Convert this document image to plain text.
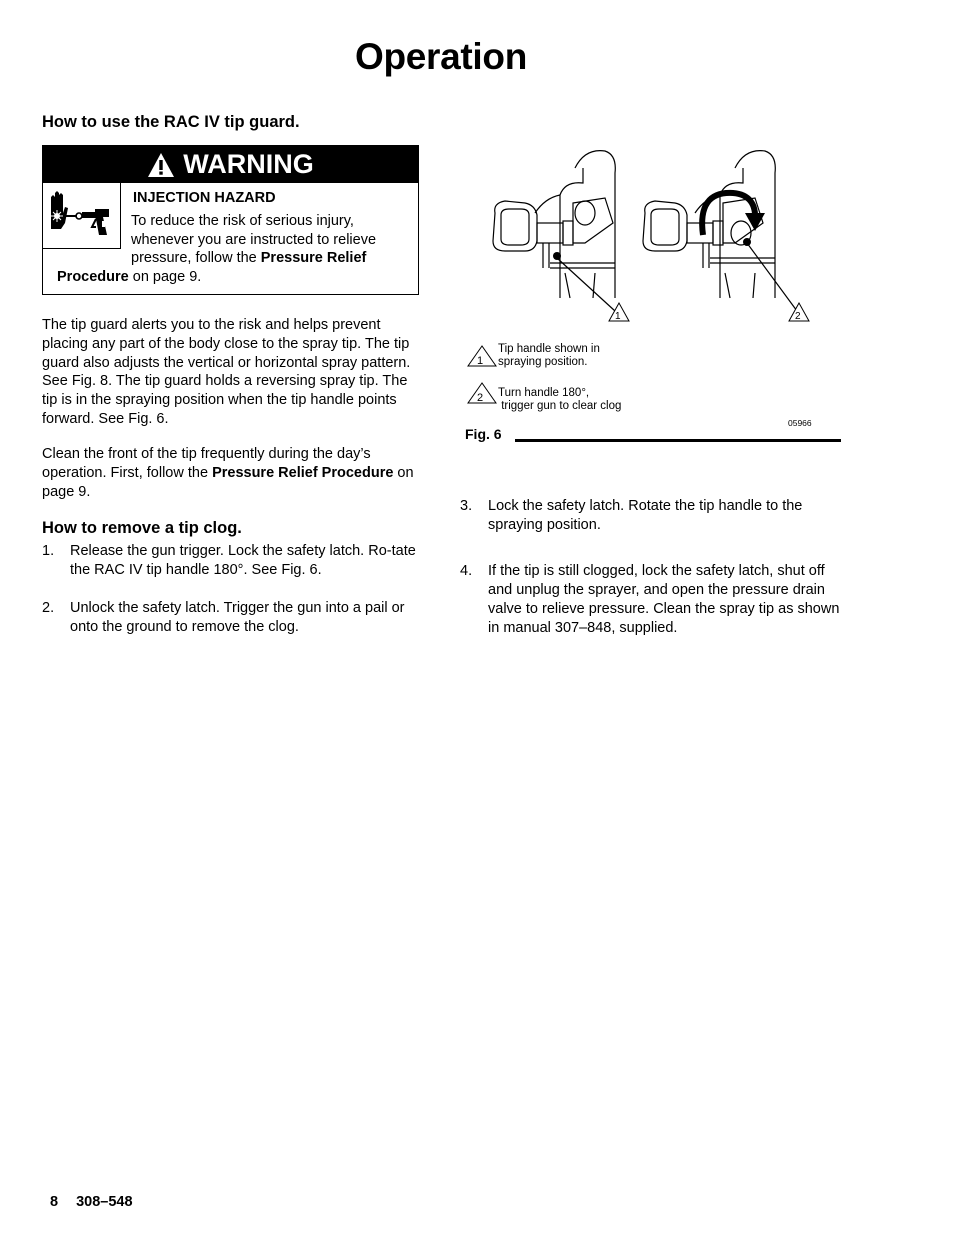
Operation
How to use the RAC IV tip guard.
WARNING
INJECTION HAZARD
To reduce the risk of serious injury, whenever you are instructed to relieve pressure, follow the Pressure Relief
Procedure on page 9.
The tip guard alerts you to the risk and helps prevent placing any part of the body close to the spray tip. The tip guard also adjusts the vertical or horizontal spray pattern. See Fig. 8. The tip guard holds a reversing spray tip. The tip is in the spraying position when the tip handle points forward. See Fig. 6.
Clean the front of the tip frequently during the day’s operation. First, follow the Pressure Relief Procedure on page 9.
How to remove a tip clog.
1. Release the gun trigger. Lock the safety latch. Ro-tate the RAC IV tip handle 180°. See Fig. 6.
2. Unlock the safety latch. Trigger the gun into a pail or onto the ground to remove the clog.
3. Lock the safety latch. Rotate the tip handle to the spraying position.
4. If the tip is still clogged, lock the safety latch, shut off and unplug the sprayer, and open the pressure drain valve to relieve pressure. Clean the spray tip as shown in manual 307–848, supplied.
1	2
1
Tip handle shown in
spraying position.
2 Turn handle 180°,
trigger gun to clear clog
05966
Fig. 6
8 308–548
